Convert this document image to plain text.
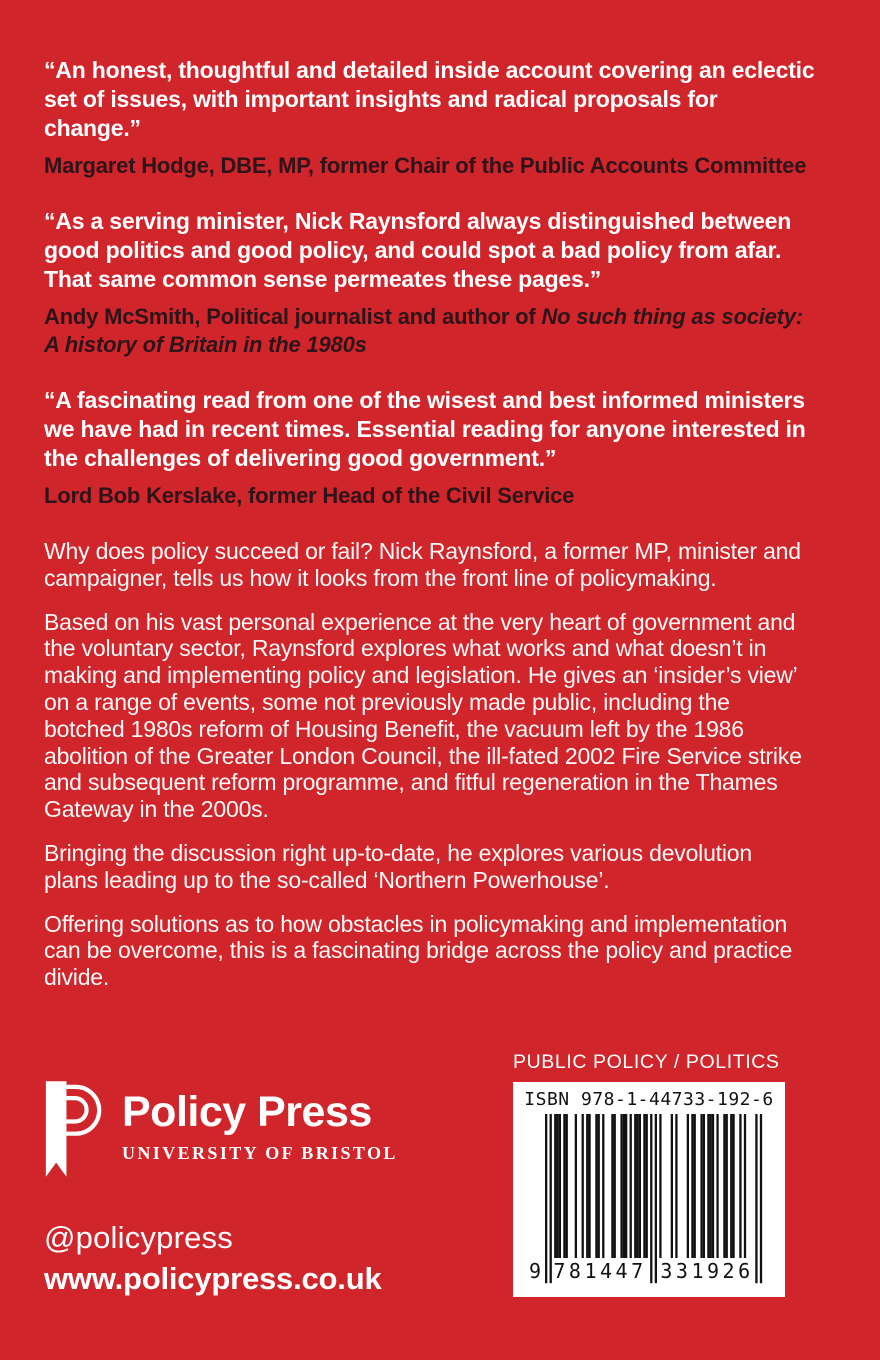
“An honest, thoughtful and detailed inside account covering an eclectic set of issues, with important insights and radical proposals for change.”
Margaret Hodge, DBE, MP, former Chair of the Public Accounts Committee
“As a serving minister, Nick Raynsford always distinguished between good politics and good policy, and could spot a bad policy from afar. That same common sense permeates these pages.”
Andy McSmith, Political journalist and author of No such thing as society: A history of Britain in the 1980s
“A fascinating read from one of the wisest and best informed ministers we have had in recent times. Essential reading for anyone interested in the challenges of delivering good government.”
Lord Bob Kerslake, former Head of the Civil Service

Why does policy succeed or fail? Nick Raynsford, a former MP, minister and campaigner, tells us how it looks from the front line of policymaking.

Based on his vast personal experience at the very heart of government and the voluntary sector, Raynsford explores what works and what doesn’t in making and implementing policy and legislation. He gives an ‘insider’s view’ on a range of events, some not previously made public, including the botched 1980s reform of Housing Benefit, the vacuum left by the 1986 abolition of the Greater London Council, the ill-fated 2002 Fire Service strike and subsequent reform programme, and fitful regeneration in the Thames Gateway in the 2000s.

Bringing the discussion right up-to-date, he explores various devolution plans leading up to the so-called ‘Northern Powerhouse’.

Offering solutions as to how obstacles in policymaking and implementation can be overcome, this is a fascinating bridge across the policy and practice divide.

PUBLIC POLICY / POLITICS
Policy Press
UNIVERSITY OF BRISTOL
ISBN 978-1-44733-192-6
9 781447 331926
@policypress
www.policypress.co.uk
